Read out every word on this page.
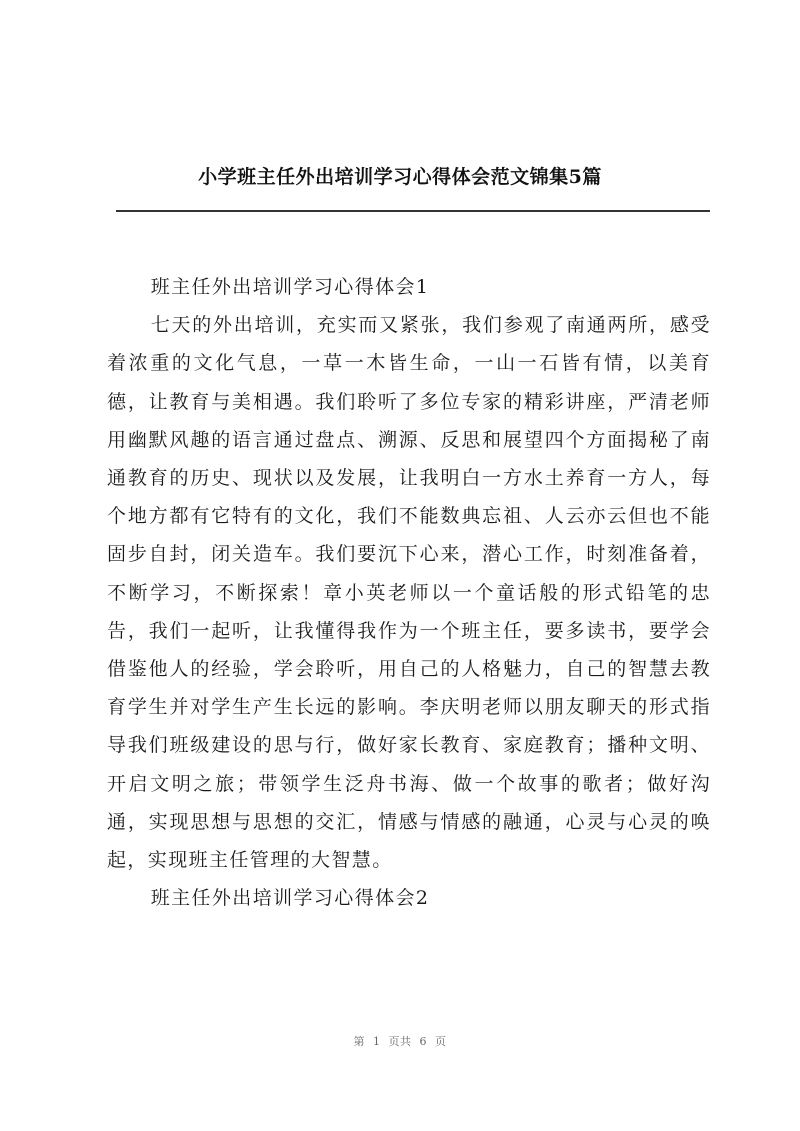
小学班主任外出培训学习心得体会范文锦集5篇

班主任外出培训学习心得体会1

七天的外出培训，充实而又紧张，我们参观了南通两所，感受着浓重的文化气息，一草一木皆生命，一山一石皆有情，以美育德，让教育与美相遇。我们聆听了多位专家的精彩讲座，严清老师用幽默风趣的语言通过盘点、溯源、反思和展望四个方面揭秘了南通教育的历史、现状以及发展，让我明白一方水土养育一方人，每个地方都有它特有的文化，我们不能数典忘祖、人云亦云但也不能固步自封，闭关造车。我们要沉下心来，潜心工作，时刻准备着，不断学习，不断探索！章小英老师以一个童话般的形式铅笔的忠告，我们一起听，让我懂得我作为一个班主任，要多读书，要学会借鉴他人的经验，学会聆听，用自己的人格魅力，自己的智慧去教育学生并对学生产生长远的影响。李庆明老师以朋友聊天的形式指导我们班级建设的思与行，做好家长教育、家庭教育；播种文明、开启文明之旅；带领学生泛舟书海、做一个故事的歌者；做好沟通，实现思想与思想的交汇，情感与情感的融通，心灵与心灵的唤起，实现班主任管理的大智慧。

班主任外出培训学习心得体会2

第 1 页共 6 页
